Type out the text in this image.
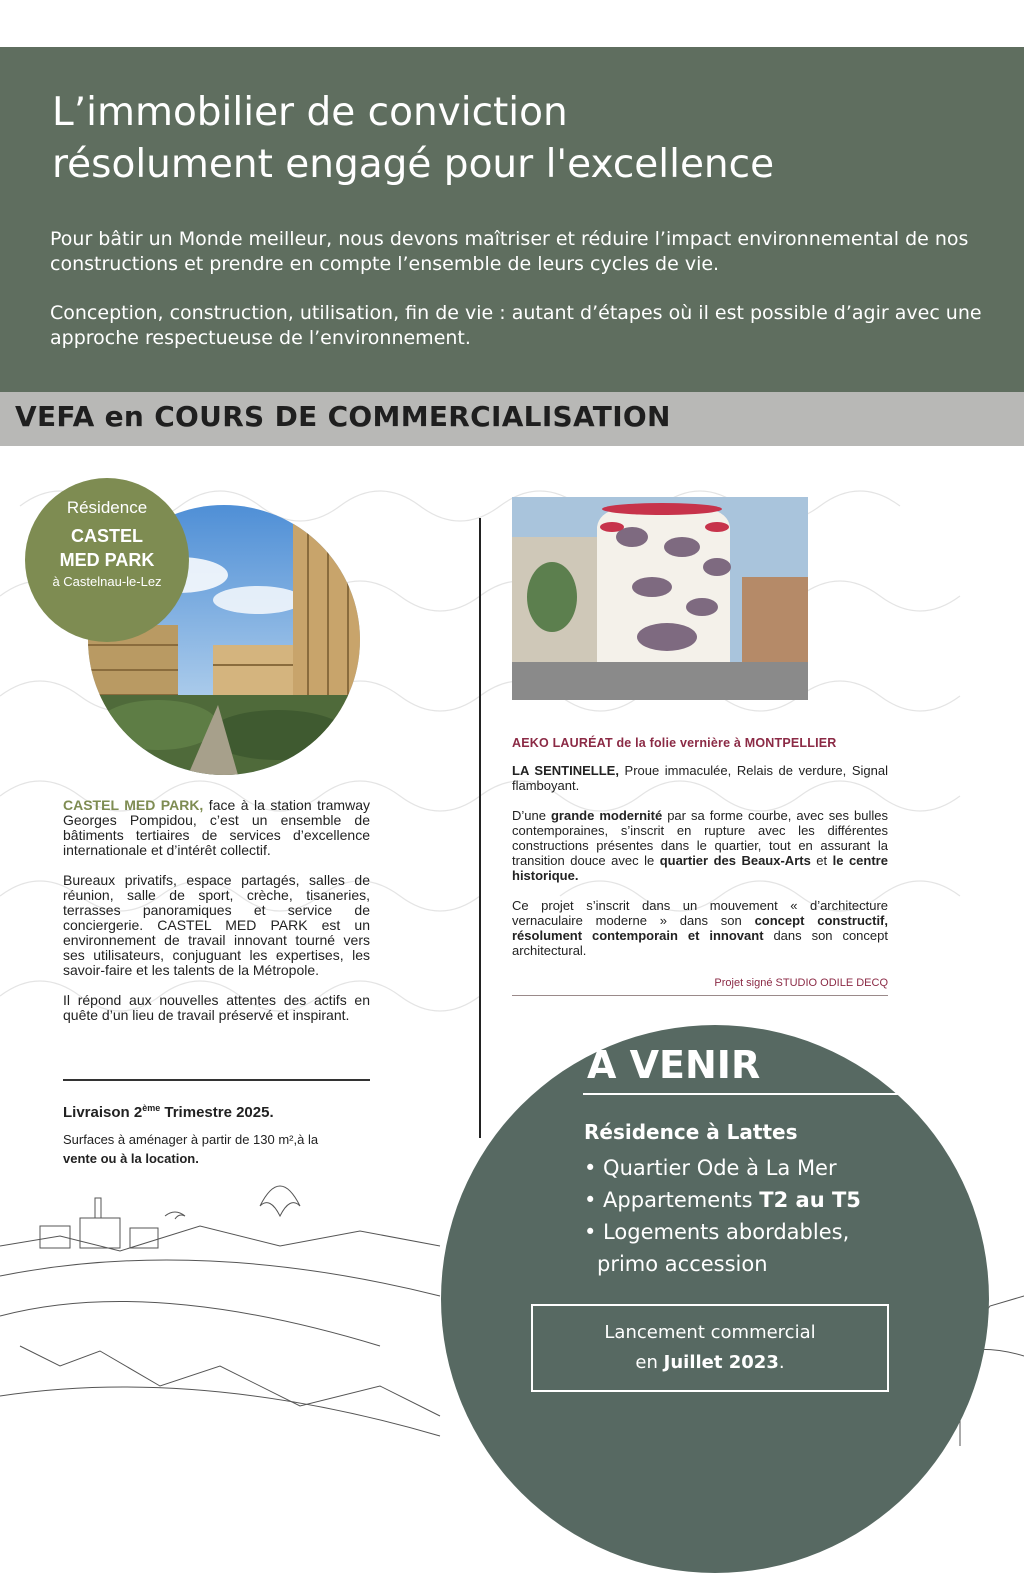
L’immobilier de conviction
résolument engagé pour l'excellence

Pour bâtir un Monde meilleur, nous devons maîtriser et réduire l’impact environnemental de nos constructions et prendre en compte l’ensemble de leurs cycles de vie.

Conception, construction, utilisation, fin de vie : autant d’étapes où il est possible d’agir avec une approche respectueuse de l’environnement.

VEFA en COURS DE COMMERCIALISATION
Résidence
CASTEL
MED PARK
à Castelnau-le-Lez

CASTEL MED PARK, face à la station tramway Georges Pompidou, c’est un ensemble de bâtiments tertiaires de services d’excellence internationale et d’intérêt collectif.

Bureaux privatifs, espace partagés, salles de réunion, salle de sport, crèche, tisaneries, terrasses panoramiques et service de conciergerie. CASTEL MED PARK est un environnement de travail innovant tourné vers ses utilisateurs, conjuguant les expertises, les savoir-faire et les talents de la Métropole.

Il répond aux nouvelles attentes des actifs en quête d’un lieu de travail préservé et inspirant.

Livraison 2ème Trimestre 2025.
Surfaces à aménager à partir de 130 m²,à la
vente ou à la location.
AEKO LAURÉAT de la folie vernière à MONTPELLIER

LA SENTINELLE, Proue immaculée, Relais de verdure, Signal flamboyant.

D’une grande modernité par sa forme courbe, avec ses bulles contemporaines, s’inscrit en rupture avec les différentes constructions présentes dans le quartier, tout en assurant la transition douce avec le quartier des Beaux-Arts et le centre historique.

Ce projet s’inscrit dans un mouvement « d’architecture vernaculaire moderne » dans son concept constructif, résolument contemporain et innovant dans son concept architectural.

Projet signé STUDIO ODILE DECQ
A VENIR
Résidence à Lattes
• Quartier Ode à La Mer
• Appartements T2 au T5
• Logements abordables,
primo accession
Lancement commercial
en Juillet 2023.
